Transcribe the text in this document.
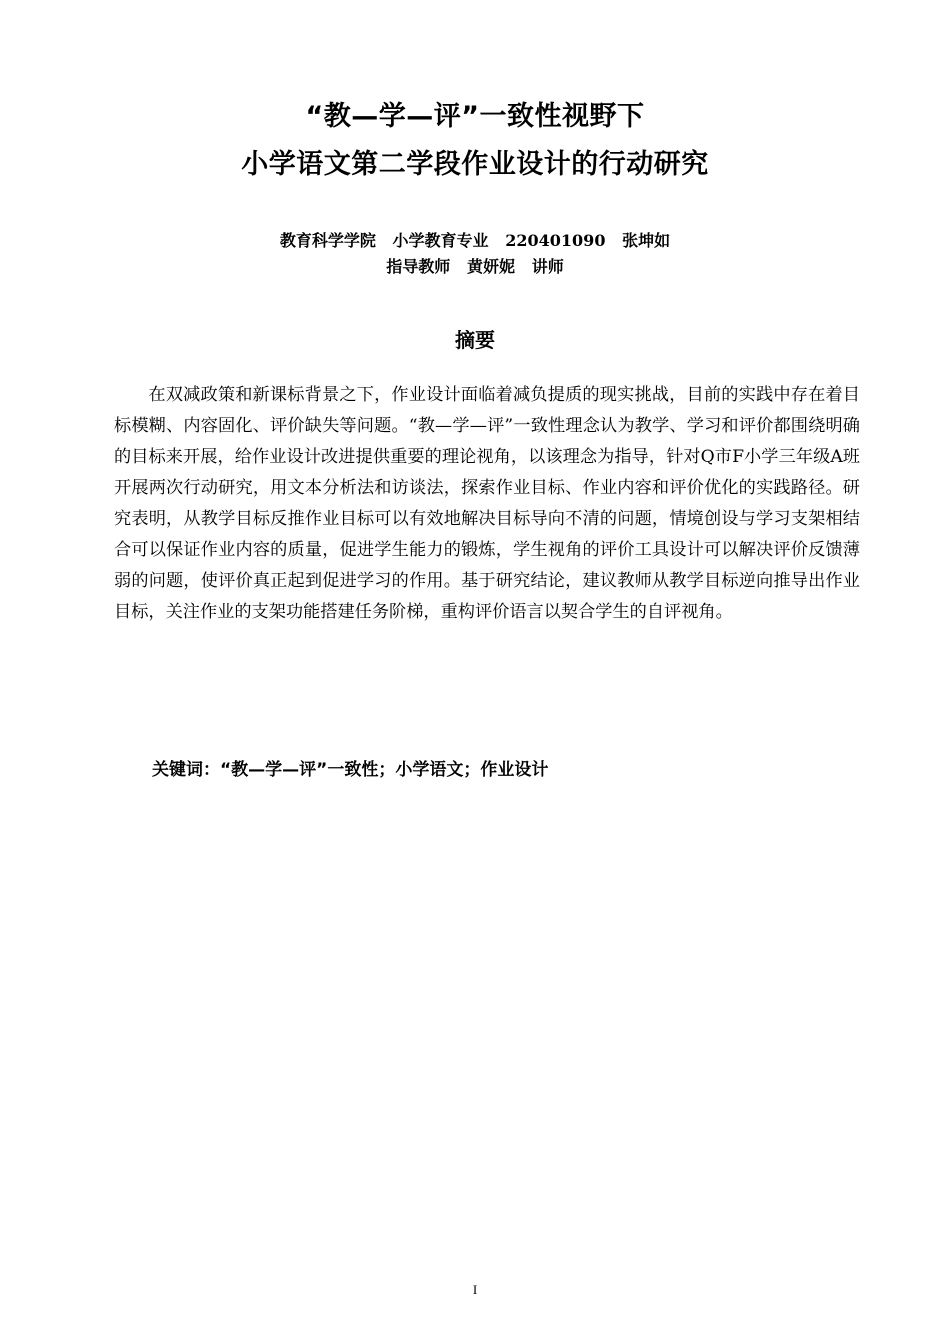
“教—学—评”一致性视野下
小学语文第二学段作业设计的行动研究
教育科学学院   小学教育专业   220401090   张坤如
指导教师   黄妍妮   讲师
摘要

在双减政策和新课标背景之下，作业设计面临着减负提质的现实挑战，目前的实践中存在着目标模糊、内容固化、评价缺失等问题。“教—学—评”一致性理念认为教学、学习和评价都围绕明确的目标来开展，给作业设计改进提供重要的理论视角，以该理念为指导，针对Q市F小学三年级A班开展两次行动研究，用文本分析法和访谈法，探索作业目标、作业内容和评价优化的实践路径。研究表明，从教学目标反推作业目标可以有效地解决目标导向不清的问题，情境创设与学习支架相结合可以保证作业内容的质量，促进学生能力的锻炼，学生视角的评价工具设计可以解决评价反馈薄弱的问题，使评价真正起到促进学习的作用。基于研究结论，建议教师从教学目标逆向推导出作业目标，关注作业的支架功能搭建任务阶梯，重构评价语言以契合学生的自评视角。

关键词：“教—学—评”一致性；小学语文；作业设计
I
